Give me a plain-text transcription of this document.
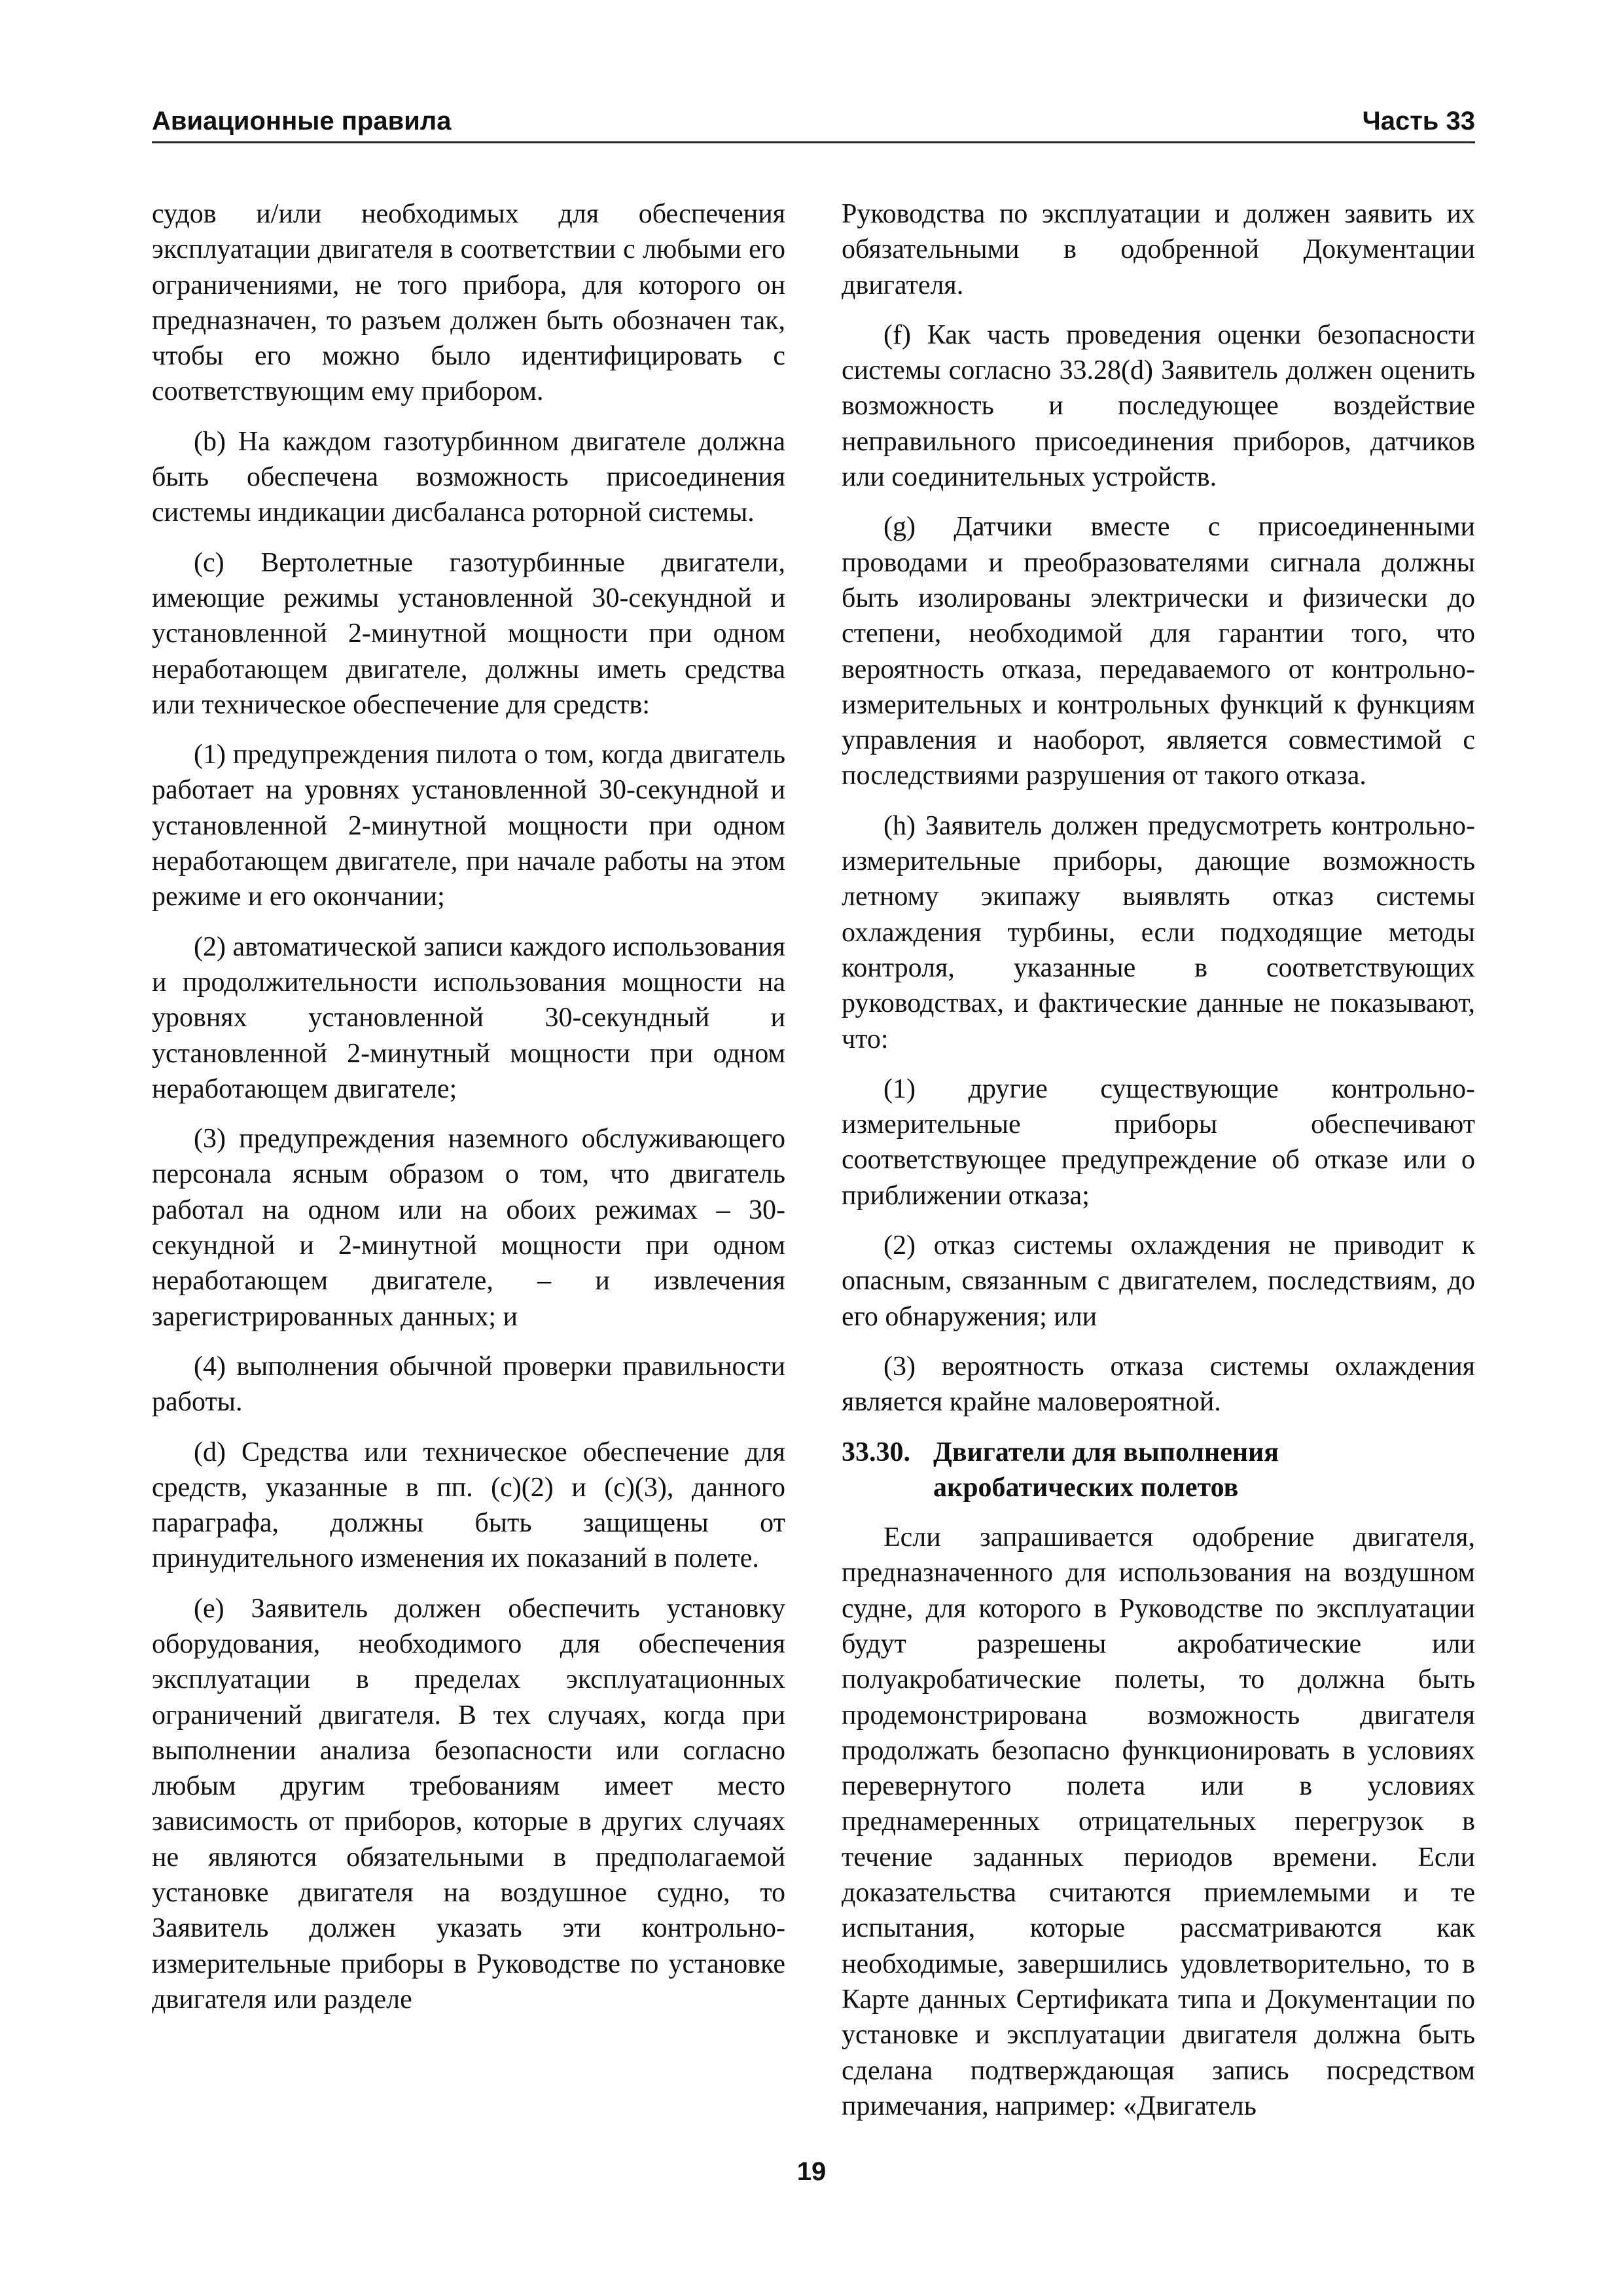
Авиационные правила	Часть 33

судов и/или необходимых для обеспечения эксплуатации двигателя в соответствии с любыми его ограничениями, не того прибора, для которого он предназначен, то разъем должен быть обозначен так, чтобы его можно было идентифицировать с соответствующим ему прибором.

(b) На каждом газотурбинном двигателе должна быть обеспечена возможность присоединения системы индикации дисбаланса роторной системы.

(c) Вертолетные газотурбинные двигатели, имеющие режимы установленной 30-секундной и установленной 2-минутной мощности при одном неработающем двигателе, должны иметь средства или техническое обеспечение для средств:

(1) предупреждения пилота о том, когда двигатель работает на уровнях установленной 30-секундной и установленной 2-минутной мощности при одном неработающем двигателе, при начале работы на этом режиме и его окончании;

(2) автоматической записи каждого использования и продолжительности использования мощности на уровнях установленной 30-секундный и установленной 2-минутный мощности при одном неработающем двигателе;

(3) предупреждения наземного обслуживающего персонала ясным образом о том, что двигатель работал на одном или на обоих режимах – 30-секундной и 2-минутной мощности при одном неработающем двигателе, – и извлечения зарегистрированных данных; и

(4) выполнения обычной проверки правильности работы.

(d) Средства или техническое обеспечение для средств, указанные в пп. (c)(2) и (c)(3), данного параграфа, должны быть защищены от принудительного изменения их показаний в полете.

(e) Заявитель должен обеспечить установку оборудования, необходимого для обеспечения эксплуатации в пределах эксплуатационных ограничений двигателя. В тех случаях, когда при выполнении анализа безопасности или согласно любым другим требованиям имеет место зависимость от приборов, которые в других случаях не являются обязательными в предполагаемой установке двигателя на воздушное судно, то Заявитель должен указать эти контрольно-измерительные приборы в Руководстве по установке двигателя или разделе

Руководства по эксплуатации и должен заявить их обязательными в одобренной Документации двигателя.

(f) Как часть проведения оценки безопасности системы согласно 33.28(d) Заявитель должен оценить возможность и последующее воздействие неправильного присоединения приборов, датчиков или соединительных устройств.

(g) Датчики вместе с присоединенными проводами и преобразователями сигнала должны быть изолированы электрически и физически до степени, необходимой для гарантии того, что вероятность отказа, передаваемого от контрольно-измерительных и контрольных функций к функциям управления и наоборот, является совместимой с последствиями разрушения от такого отказа.

(h) Заявитель должен предусмотреть контрольно-измерительные приборы, дающие возможность летному экипажу выявлять отказ системы охлаждения турбины, если подходящие методы контроля, указанные в соответствующих руководствах, и фактические данные не показывают, что:

(1) другие существующие контрольно-измерительные приборы обеспечивают соответствующее предупреждение об отказе или о приближении отказа;

(2) отказ системы охлаждения не приводит к опасным, связанным с двигателем, последствиям, до его обнаружения; или

(3) вероятность отказа системы охлаждения является крайне маловероятной.

33.30. Двигатели для выполнения
акробатических полетов

Если запрашивается одобрение двигателя, предназначенного для использования на воздушном судне, для которого в Руководстве по эксплуатации будут разрешены акробатические или полуакробатические полеты, то должна быть продемонстрирована возможность двигателя продолжать безопасно функционировать в условиях перевернутого полета или в условиях преднамеренных отрицательных перегрузок в течение заданных периодов времени. Если доказательства считаются приемлемыми и те испытания, которые рассматриваются как необходимые, завершились удовлетворительно, то в Карте данных Сертификата типа и Документации по установке и эксплуатации двигателя должна быть сделана подтверждающая запись посредством примечания, например: «Двигатель

19
